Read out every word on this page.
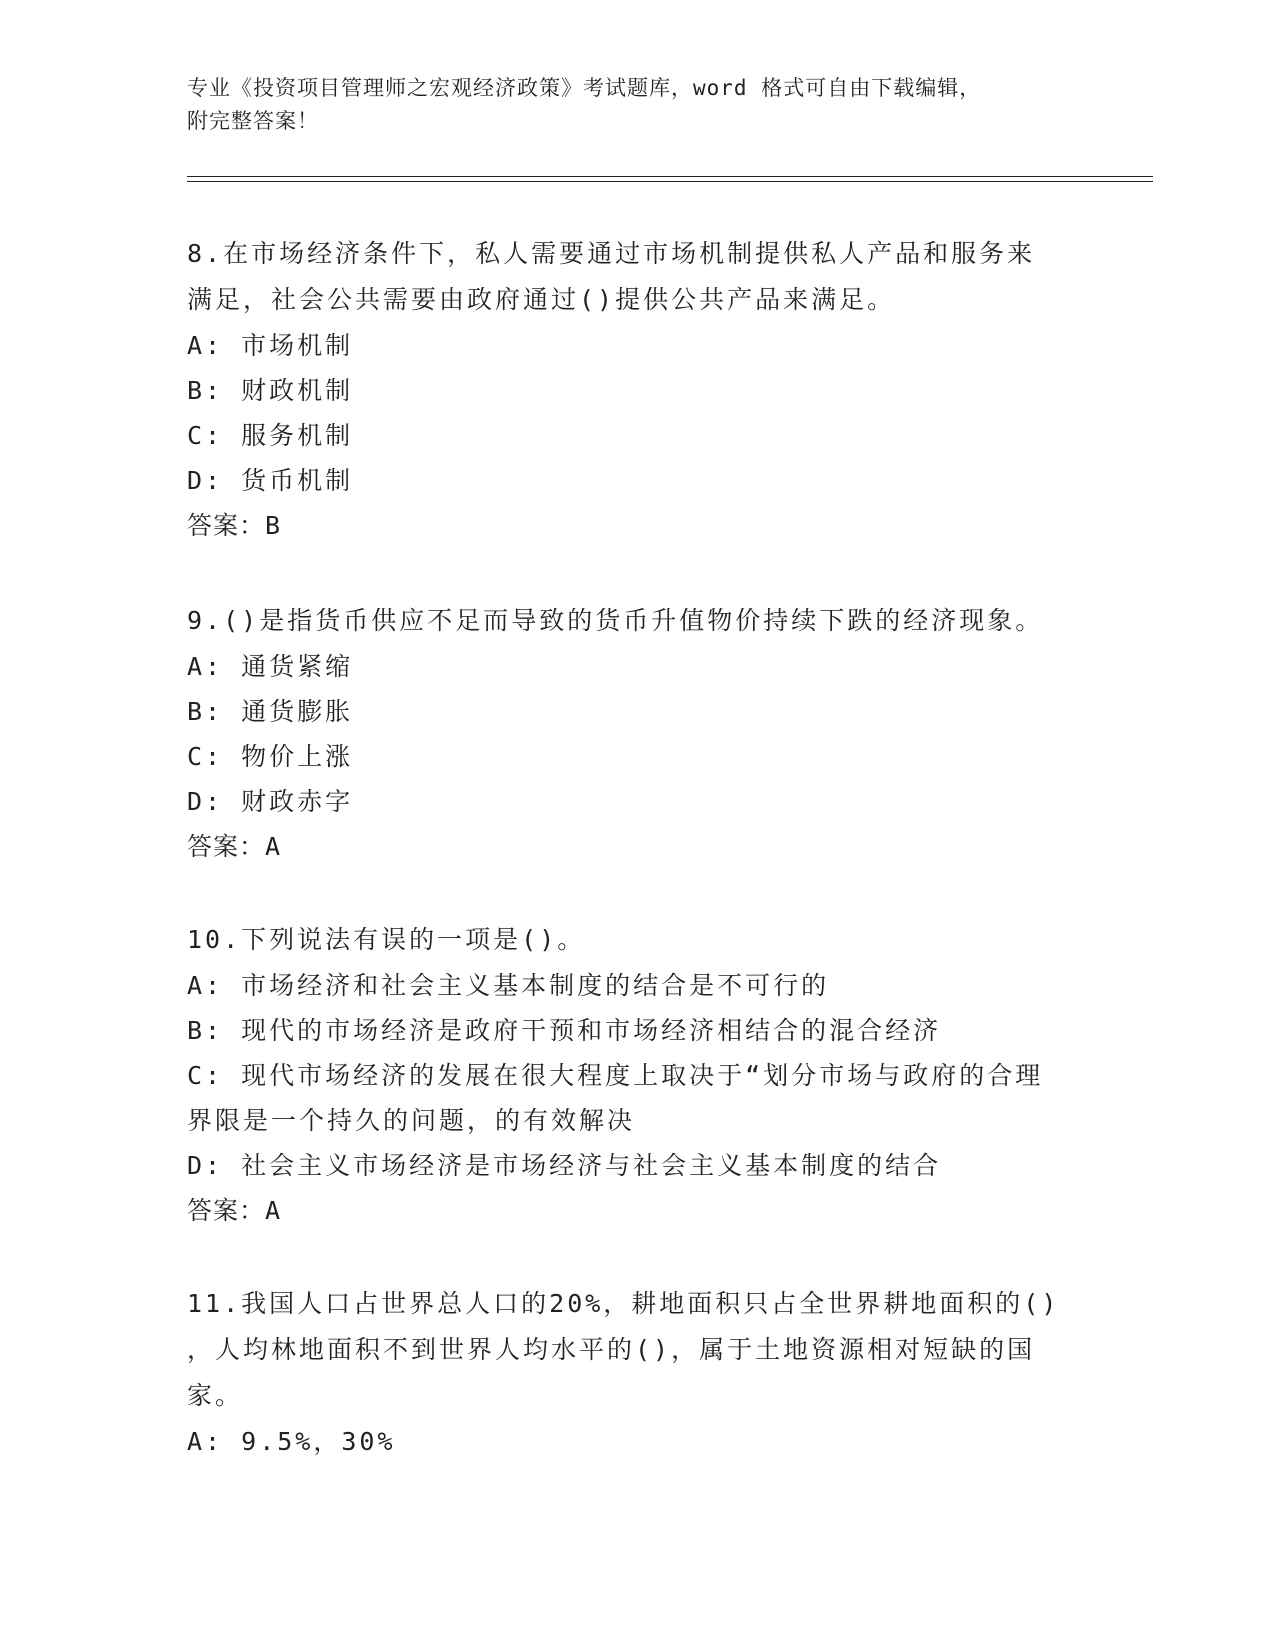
专业《投资项目管理师之宏观经济政策》考试题库，word 格式可自由下载编辑，
附完整答案！
8.在市场经济条件下，私人需要通过市场机制提供私人产品和服务来
满足，社会公共需要由政府通过()提供公共产品来满足。
A: 市场机制
B: 财政机制
C: 服务机制
D: 货币机制
答案：B
9.()是指货币供应不足而导致的货币升值物价持续下跌的经济现象。
A: 通货紧缩
B: 通货膨胀
C: 物价上涨
D: 财政赤字
答案：A
10.下列说法有误的一项是()。
A: 市场经济和社会主义基本制度的结合是不可行的
B: 现代的市场经济是政府干预和市场经济相结合的混合经济
C: 现代市场经济的发展在很大程度上取决于“划分市场与政府的合理
界限是一个持久的问题，的有效解决
D: 社会主义市场经济是市场经济与社会主义基本制度的结合
答案：A
11.我国人口占世界总人口的20%，耕地面积只占全世界耕地面积的()
，人均林地面积不到世界人均水平的()，属于土地资源相对短缺的国
家。
A: 9.5%，30%
